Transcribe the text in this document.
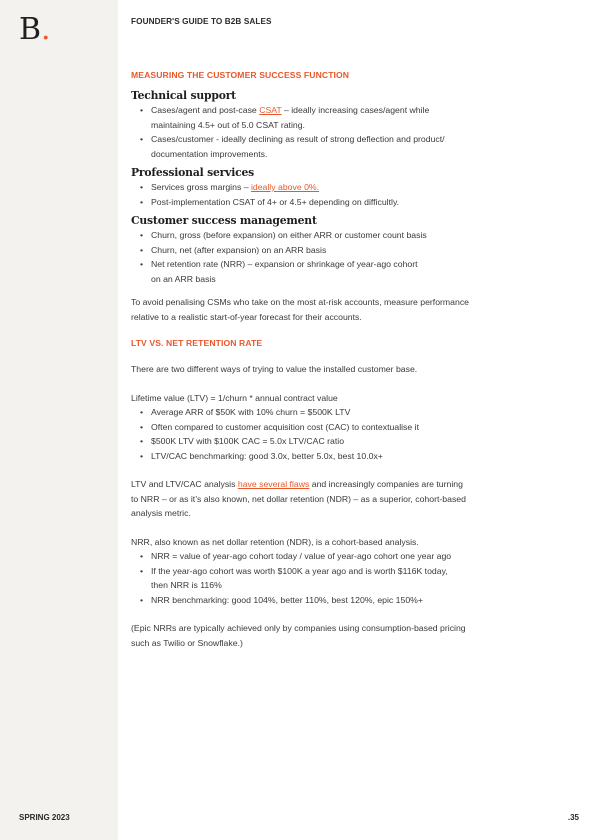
B.	FOUNDER'S GUIDE TO B2B SALES
MEASURING THE CUSTOMER SUCCESS FUNCTION
Technical support
• Cases/agent and post-case CSAT – ideally increasing cases/agent while
maintaining 4.5+ out of 5.0 CSAT rating.
• Cases/customer - ideally declining as result of strong deflection and product/
documentation improvements.
Professional services
• Services gross margins – ideally above 0%.
• Post-implementation CSAT of 4+ or 4.5+ depending on difficultly.
Customer success management
• Churn, gross (before expansion) on either ARR or customer count basis
• Churn, net (after expansion) on an ARR basis
• Net retention rate (NRR) – expansion or shrinkage of year-ago cohort
on an ARR basis
To avoid penalising CSMs who take on the most at-risk accounts, measure performance
relative to a realistic start-of-year forecast for their accounts.
LTV VS. NET RETENTION RATE
There are two different ways of trying to value the installed customer base.
Lifetime value (LTV) = 1/churn * annual contract value
• Average ARR of $50K with 10% churn = $500K LTV
• Often compared to customer acquisition cost (CAC) to contextualise it
• $500K LTV with $100K CAC = 5.0x LTV/CAC ratio
• LTV/CAC benchmarking: good 3.0x, better 5.0x, best 10.0x+
LTV and LTV/CAC analysis have several flaws and increasingly companies are turning
to NRR – or as it’s also known, net dollar retention (NDR) – as a superior, cohort-based
analysis metric.
NRR, also known as net dollar retention (NDR), is a cohort-based analysis.
• NRR = value of year-ago cohort today / value of year-ago cohort one year ago
• If the year-ago cohort was worth $100K a year ago and is worth $116K today,
then NRR is 116%
• NRR benchmarking: good 104%, better 110%, best 120%, epic 150%+
(Epic NRRs are typically achieved only by companies using consumption-based pricing
such as Twilio or Snowflake.)
SPRING 2023	.35
